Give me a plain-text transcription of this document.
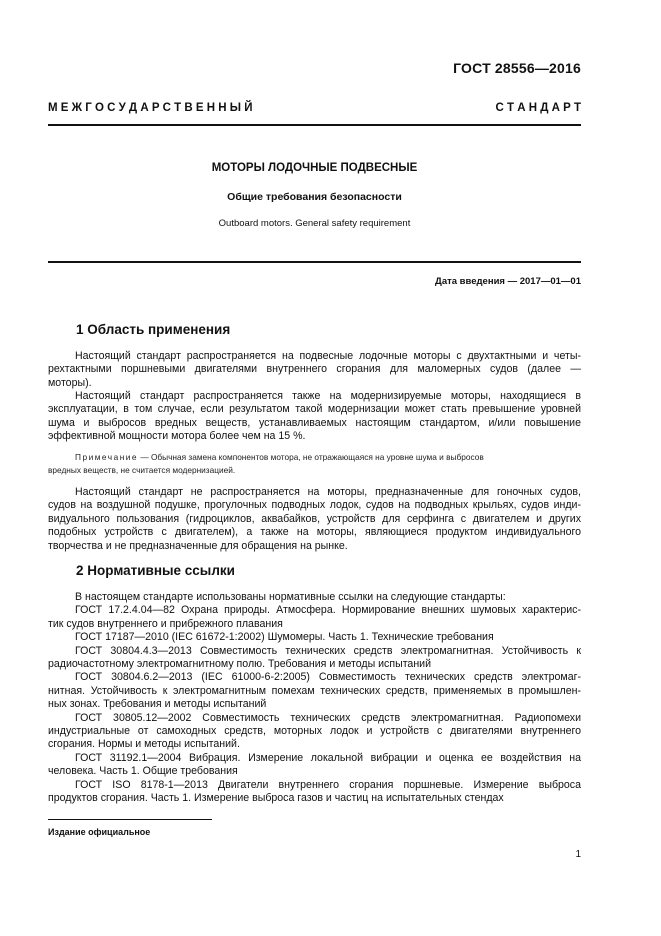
ГОСТ 28556—2016
М Е Ж Г О С У Д А Р С Т В Е Н Н Ы Й	С Т А Н Д А Р Т
МОТОРЫ ЛОДОЧНЫЕ ПОДВЕСНЫЕ
Общие требования безопасности
Outboard motors. General safety requirement
Дата введения — 2017—01—01
1 Область применения
Настоящий стандарт распространяется на подвесные лодочные моторы с двухтактными и четы-
рехтактными поршневыми двигателями внутреннего сгорания для маломерных судов (далее —
моторы).
Настоящий стандарт распространяется также на модернизируемые моторы, находящиеся в
эксплуатации, в том случае, если результатом такой модернизации может стать превышение уровней
шума и выбросов вредных веществ, устанавливаемых настоящим стандартом, и/или повышение
эффективной мощности мотора более чем на 15 %.
Примечание — Обычная замена компонентов мотора, не отражающаяся на уровне шума и выбросов
вредных веществ, не считается модернизацией.
Настоящий стандарт не распространяется на моторы, предназначенные для гоночных судов,
судов на воздушной подушке, прогулочных подводных лодок, судов на подводных крыльях, судов инди-
видуального пользования (гидроциклов, аквабайков, устройств для серфинга с двигателем и других
подобных устройств с двигателем), а также на моторы, являющиеся продуктом индивидуального
творчества и не предназначенные для обращения на рынке.
2 Нормативные ссылки
В настоящем стандарте использованы нормативные ссылки на следующие стандарты:
ГОСТ 17.2.4.04—82 Охрана природы. Атмосфера. Нормирование внешних шумовых характерис-
тик судов внутреннего и прибрежного плавания
ГОСТ 17187—2010 (IEC 61672-1:2002) Шумомеры. Часть 1. Технические требования
ГОСТ 30804.4.3—2013 Совместимость технических средств электромагнитная. Устойчивость к
радиочастотному электромагнитному полю. Требования и методы испытаний
ГОСТ 30804.6.2—2013 (IEC 61000-6-2:2005) Совместимость технических средств электромаг-
нитная. Устойчивость к электромагнитным помехам технических средств, применяемых в промышлен-
ных зонах. Требования и методы испытаний
ГОСТ 30805.12—2002 Совместимость технических средств электромагнитная. Радиопомехи
индустриальные от самоходных средств, моторных лодок и устройств с двигателями внутреннего
сгорания. Нормы и методы испытаний.
ГОСТ 31192.1—2004 Вибрация. Измерение локальной вибрации и оценка ее воздействия на
человека. Часть 1. Общие требования
ГОСТ ISO 8178-1—2013 Двигатели внутреннего сгорания поршневые. Измерение выброса
продуктов сгорания. Часть 1. Измерение выброса газов и частиц на испытательных стендах
Издание официальное
1
